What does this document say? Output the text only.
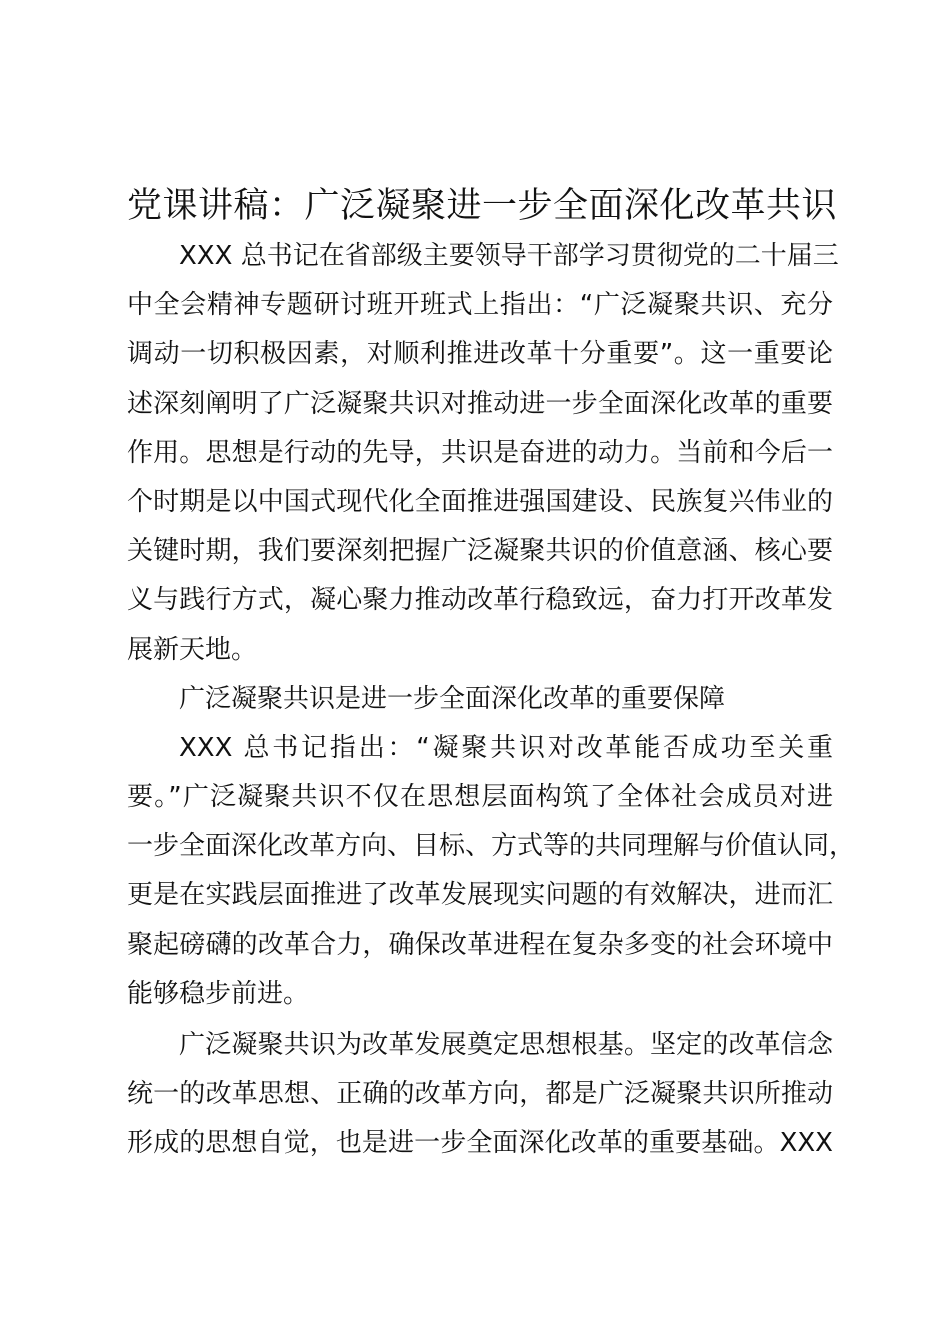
党课讲稿：广泛凝聚进一步全面深化改革共识
XXX 总书记在省部级主要领导干部学习贯彻党的二十届三
中全会精神专题研讨班开班式上指出：“广泛凝聚共识、充分
调动一切积极因素，对顺利推进改革十分重要”。这一重要论
述深刻阐明了广泛凝聚共识对推动进一步全面深化改革的重要
作用。思想是行动的先导，共识是奋进的动力。当前和今后一
个时期是以中国式现代化全面推进强国建设、民族复兴伟业的
关键时期，我们要深刻把握广泛凝聚共识的价值意涵、核心要
义与践行方式，凝心聚力推动改革行稳致远，奋力打开改革发
展新天地。
广泛凝聚共识是进一步全面深化改革的重要保障
XXX 总书记指出：“凝聚共识对改革能否成功至关重
要。”广泛凝聚共识不仅在思想层面构筑了全体社会成员对进
一步全面深化改革方向、目标、方式等的共同理解与价值认同，
更是在实践层面推进了改革发展现实问题的有效解决，进而汇
聚起磅礴的改革合力，确保改革进程在复杂多变的社会环境中
能够稳步前进。
广泛凝聚共识为改革发展奠定思想根基。坚定的改革信念
统一的改革思想、正确的改革方向，都是广泛凝聚共识所推动
形成的思想自觉，也是进一步全面深化改革的重要基础。XXX
